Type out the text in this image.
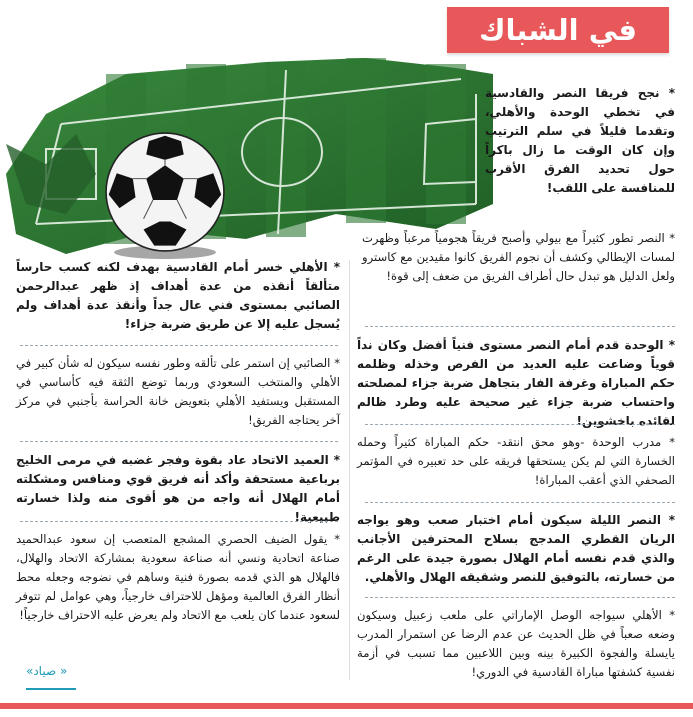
في الشباك

* نجح فريقا النصر والقادسية في تخطي الوحدة والأهلي، وتقدما قليلاً في سلم الترتيب وإن كان الوقت ما زال باكراً حول تحديد الفرق الأقرب للمنافسة على اللقب!

* النصر تطور كثيراً مع بيولي وأصبح فريقاً هجومياً مرعباً وظهرت لمسات الإيطالي وكشف أن نجوم الفريق كانوا مقيدين مع كاسترو ولعل الدليل هو تبدل حال أطراف الفريق من ضعف إلى قوة!

* الوحدة قدم أمام النصر مستوى فنياً أفضل وكان نداً قوياً وضاعت عليه العديد من الفرص وخذله وظلمه حكم المباراة وغرفة الفار بتجاهل ضربة جزاء لمصلحته واحتساب ضربة جزاء غير صحيحة عليه وطرد ظالم لقائده باخشوين!

* مدرب الوحدة -وهو محق انتقد- حكم المباراة كثيراً وحمله الخسارة التي لم يكن يستحقها فريقه على حد تعبيره في المؤتمر الصحفي الذي أعقب المباراة!

* النصر الليلة سيكون أمام اختبار صعب وهو يواجه الريان القطري المدجج بسلاح المحترفين الأجانب والذي قدم نفسه أمام الهلال بصورة جيدة على الرغم من خسارته، بالتوفيق للنصر وشقيقه الهلال والأهلي.

* الأهلي سيواجه الوصل الإماراتي على ملعب زعبيل وسيكون وضعه صعباً في ظل الحديث عن عدم الرضا عن استمرار المدرب يايسلة والفجوة الكبيرة بينه وبين اللاعبين مما تسبب في أزمة نفسية كشفتها مباراة القادسية في الدوري!

* الأهلي خسر أمام القادسية بهدف لكنه كسب حارساً متألقاً أنقذه من عدة أهداف إذ ظهر عبدالرحمن الصائبي بمستوى فني عال جداً وأنقذ عدة أهداف ولم يُسجل عليه إلا عن طريق ضربة جزاء!

* الصائبي إن استمر على تألقه وطور نفسه سيكون له شأن كبير في الأهلي والمنتخب السعودي وربما توضع الثقة فيه كأساسي في المستقبل ويستفيد الأهلي بتعويض خانة الحراسة بأجنبي في مركز آخر يحتاجه الفريق!

* العميد الاتحاد عاد بقوة وفجر غضبه في مرمى الخليج برباعية مستحقة وأكد أنه فريق قوي ومنافس ومشكلته أمام الهلال أنه واجه من هو أقوى منه ولذا خسارته طبيعية!

* يقول الضيف الحصري المشجع المتعصب إن سعود عبدالحميد صناعة اتحادية ونسي أنه صناعة سعودية بمشاركة الاتحاد والهلال، فالهلال هو الذي قدمه بصورة فنية وساهم في نضوجه وجعله محط أنظار الفرق العالمية ومؤهل للاحتراف خارجياً، وهي عوامل لم تتوفر لسعود عندما كان يلعب مع الاتحاد ولم يعرض عليه الاحتراف خارجياً!

« صياد»
